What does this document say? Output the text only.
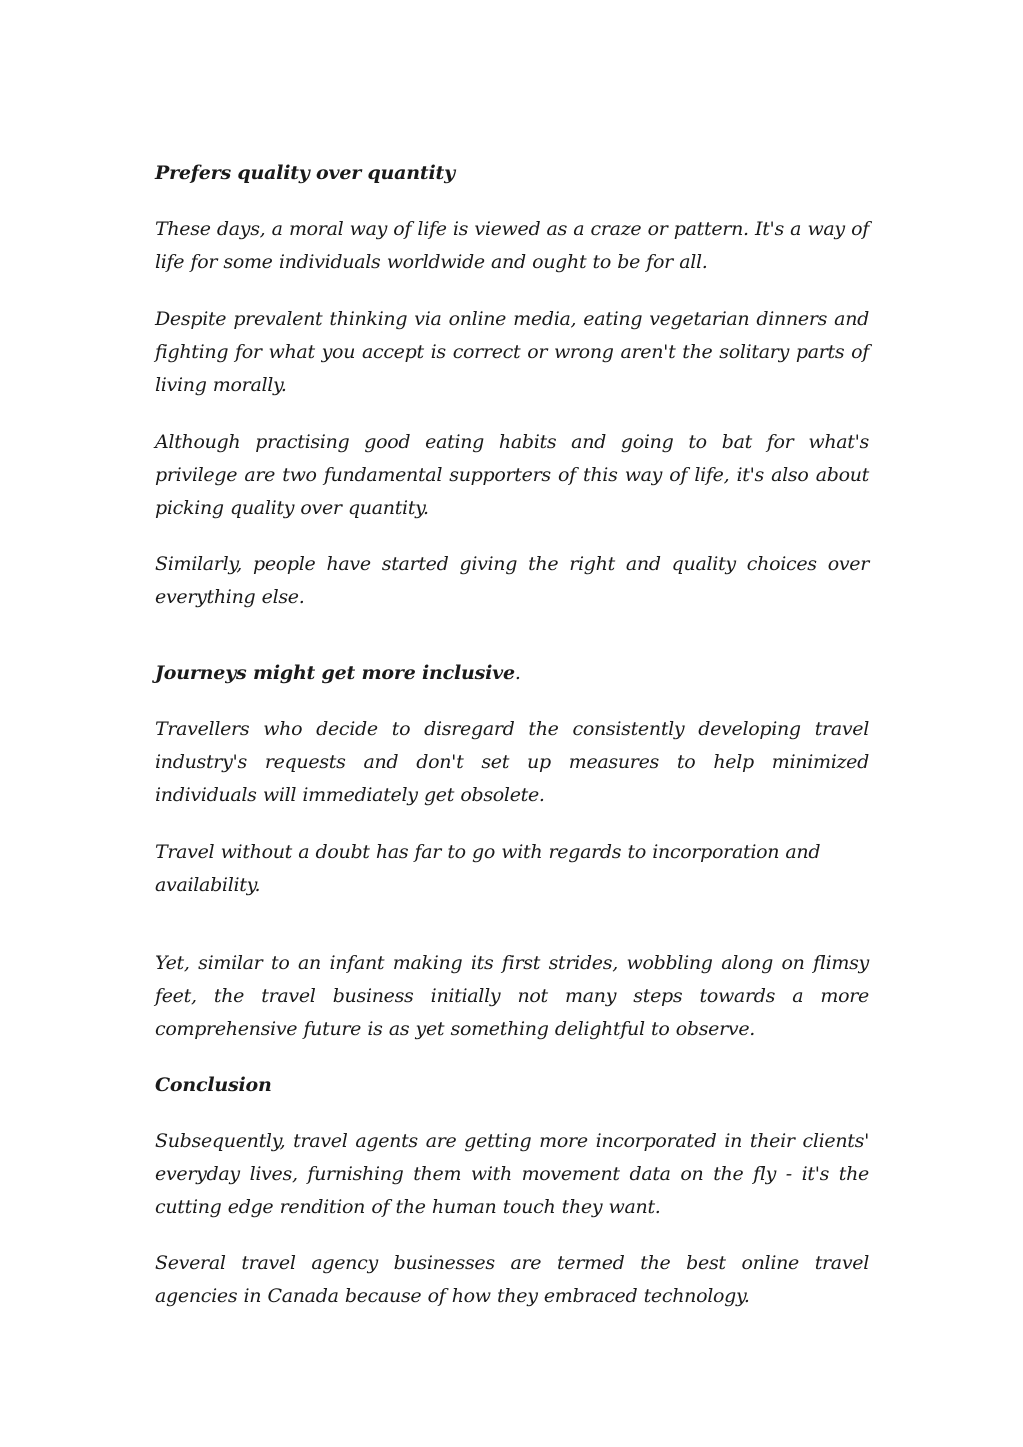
Prefers quality over quantity

These days, a moral way of life is viewed as a craze or pattern. It's a way of life for some individuals worldwide and ought to be for all.

Despite prevalent thinking via online media, eating vegetarian dinners and fighting for what you accept is correct or wrong aren't the solitary parts of living morally.

Although practising good eating habits and going to bat for what's privilege are two fundamental supporters of this way of life, it's also about picking quality over quantity.

Similarly, people have started giving the right and quality choices over everything else.

Journeys might get more inclusive.

Travellers who decide to disregard the consistently developing travel industry's requests and don't set up measures to help minimized individuals will immediately get obsolete.

Travel without a doubt has far to go with regards to incorporation and availability.

Yet, similar to an infant making its first strides, wobbling along on flimsy feet, the travel business initially not many steps towards a more comprehensive future is as yet something delightful to observe.

Conclusion

Subsequently, travel agents are getting more incorporated in their clients' everyday lives, furnishing them with movement data on the fly - it's the cutting edge rendition of the human touch they want.

Several travel agency businesses are termed the best online travel agencies in Canada because of how they embraced technology.
